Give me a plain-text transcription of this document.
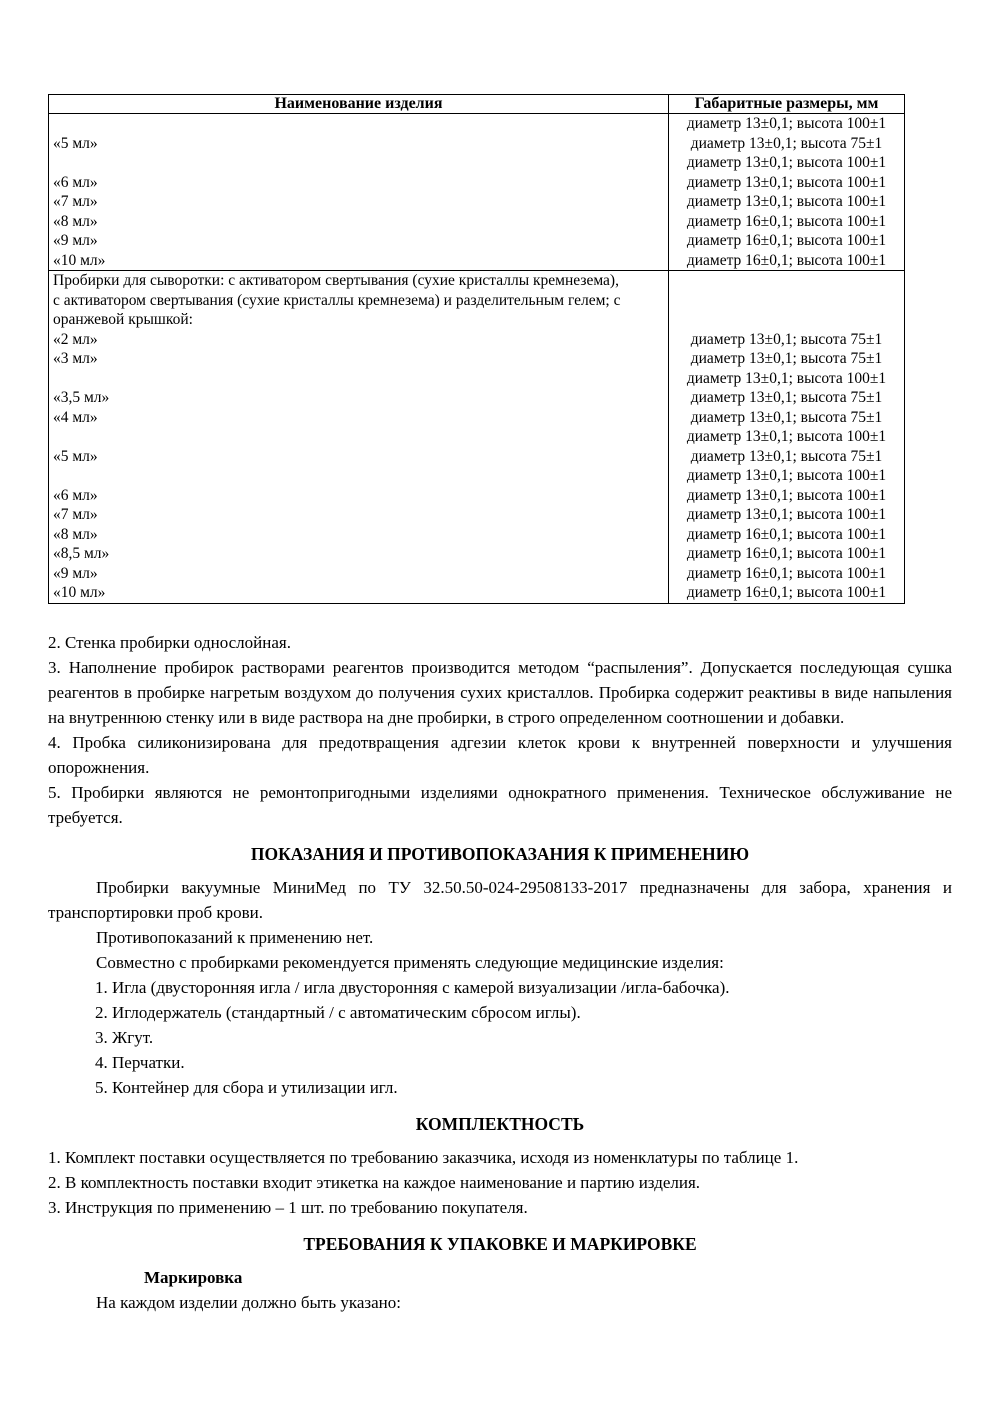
Наименование изделия	Габаритные размеры, мм
	диаметр 13±0,1; высота 100±1
«5 мл»	диаметр 13±0,1; высота 75±1
	диаметр 13±0,1; высота 100±1
«6 мл»	диаметр 13±0,1; высота 100±1
«7 мл»	диаметр 13±0,1; высота 100±1
«8 мл»	диаметр 16±0,1; высота 100±1
«9 мл»	диаметр 16±0,1; высота 100±1
«10 мл»	диаметр 16±0,1; высота 100±1
Пробирки для сыворотки: с активатором свертывания (сухие кристаллы кремнезема), с активатором свертывания (сухие кристаллы кремнезема) и разделительным гелем; с оранжевой крышкой:	
«2 мл»	диаметр 13±0,1; высота 75±1
«3 мл»	диаметр 13±0,1; высота 75±1
	диаметр 13±0,1; высота 100±1
«3,5 мл»	диаметр 13±0,1; высота 75±1
«4 мл»	диаметр 13±0,1; высота 75±1
	диаметр 13±0,1; высота 100±1
«5 мл»	диаметр 13±0,1; высота 75±1
	диаметр 13±0,1; высота 100±1
«6 мл»	диаметр 13±0,1; высота 100±1
«7 мл»	диаметр 13±0,1; высота 100±1
«8 мл»	диаметр 16±0,1; высота 100±1
«8,5 мл»	диаметр 16±0,1; высота 100±1
«9 мл»	диаметр 16±0,1; высота 100±1
«10 мл»	диаметр 16±0,1; высота 100±1

2. Стенка пробирки однослойная.

3. Наполнение пробирок растворами реагентов производится методом “распыления”. Допускается последующая сушка реагентов в пробирке нагретым воздухом до получения сухих кристаллов. Пробирка содержит реактивы в виде напыления на внутреннюю стенку или в виде раствора на дне пробирки, в строго определенном соотношении и добавки.

4. Пробка силиконизирована для предотвращения адгезии клеток крови к внутренней поверхности и улучшения опорожнения.

5. Пробирки являются не ремонтопригодными изделиями однократного применения. Техническое обслуживание не требуется.

ПОКАЗАНИЯ И ПРОТИВОПОКАЗАНИЯ К ПРИМЕНЕНИЮ

Пробирки вакуумные МиниМед по ТУ 32.50.50-024-29508133-2017 предназначены для забора, хранения и транспортировки проб крови.

Противопоказаний к применению нет.

Совместно с пробирками рекомендуется применять следующие медицинские изделия:

1. Игла (двусторонняя игла / игла двусторонняя с камерой визуализации /игла-бабочка).
2. Иглодержатель (стандартный / с автоматическим сбросом иглы).
3. Жгут.
4. Перчатки.
5. Контейнер для сбора и утилизации игл.
КОМПЛЕКТНОСТЬ

1. Комплект поставки осуществляется по требованию заказчика, исходя из номенклатуры по таблице 1.

2. В комплектность поставки входит этикетка на каждое наименование и партию изделия.

3. Инструкция по применению – 1 шт. по требованию покупателя.

ТРЕБОВАНИЯ К УПАКОВКЕ И МАРКИРОВКЕ
Маркировка

На каждом изделии должно быть указано:
